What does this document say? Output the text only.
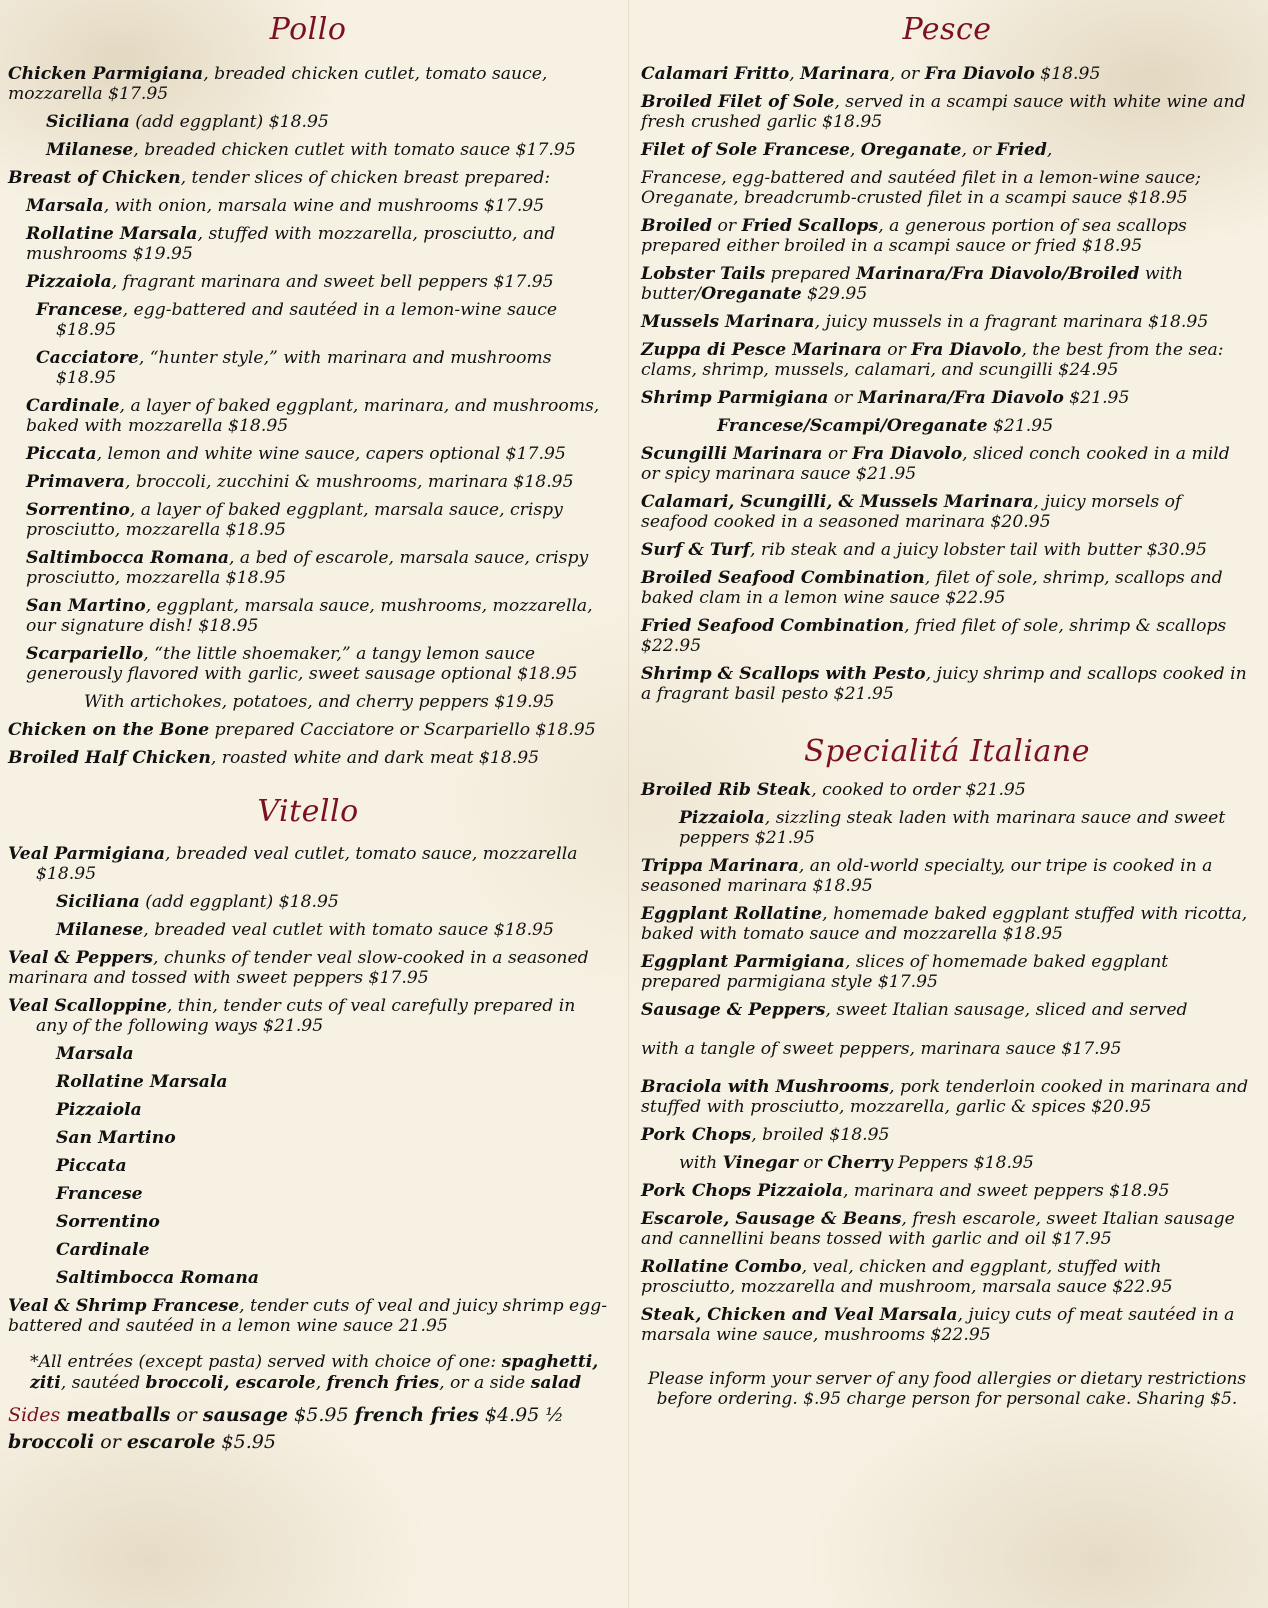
Pollo
Chicken Parmigiana, breaded chicken cutlet, tomato sauce, mozzarella $17.95
Siciliana (add eggplant) $18.95
Milanese, breaded chicken cutlet with tomato sauce $17.95
Breast of Chicken, tender slices of chicken breast prepared:
Marsala, with onion, marsala wine and mushrooms $17.95
Rollatine Marsala, stuffed with mozzarella, prosciutto, and mushrooms $19.95
Pizzaiola, fragrant marinara and sweet bell peppers $17.95
Francese, egg-battered and sautéed in a lemon-wine sauce $18.95
Cacciatore, “hunter style,” with marinara and mushrooms $18.95
Cardinale, a layer of baked eggplant, marinara, and mushrooms, baked with mozzarella $18.95
Piccata, lemon and white wine sauce, capers optional $17.95
Primavera, broccoli, zucchini & mushrooms, marinara $18.95
Sorrentino, a layer of baked eggplant, marsala sauce, crispy prosciutto, mozzarella $18.95
Saltimbocca Romana, a bed of escarole, marsala sauce, crispy prosciutto, mozzarella $18.95
San Martino, eggplant, marsala sauce, mushrooms, mozzarella, our signature dish! $18.95
Scarpariello, “the little shoemaker,” a tangy lemon sauce generously flavored with garlic, sweet sausage optional $18.95
With artichokes, potatoes, and cherry peppers $19.95
Chicken on the Bone prepared Cacciatore or Scarpariello $18.95
Broiled Half Chicken, roasted white and dark meat $18.95
Vitello
Veal Parmigiana, breaded veal cutlet, tomato sauce, mozzarella $18.95
Siciliana (add eggplant) $18.95
Milanese, breaded veal cutlet with tomato sauce $18.95
Veal & Peppers, chunks of tender veal slow-cooked in a seasoned marinara and tossed with sweet peppers $17.95
Veal Scalloppine, thin, tender cuts of veal carefully prepared in any of the following ways $21.95
Marsala
Rollatine Marsala
Pizzaiola
San Martino
Piccata
Francese
Sorrentino
Cardinale
Saltimbocca Romana
Veal & Shrimp Francese, tender cuts of veal and juicy shrimp egg-battered and sautéed in a lemon wine sauce 21.95
*All entrées (except pasta) served with choice of one: spaghetti, ziti, sautéed broccoli, escarole, french fries, or a side salad
Sides meatballs or sausage $5.95 french fries $4.95 ½ broccoli or escarole $5.95
Pesce
Calamari Fritto, Marinara, or Fra Diavolo $18.95
Broiled Filet of Sole, served in a scampi sauce with white wine and fresh crushed garlic $18.95
Filet of Sole Francese, Oreganate, or Fried,
Francese, egg-battered and sautéed filet in a lemon-wine sauce; Oreganate, breadcrumb-crusted filet in a scampi sauce $18.95
Broiled or Fried Scallops, a generous portion of sea scallops prepared either broiled in a scampi sauce or fried $18.95
Lobster Tails prepared Marinara/Fra Diavolo/Broiled with butter/Oreganate $29.95
Mussels Marinara, juicy mussels in a fragrant marinara $18.95
Zuppa di Pesce Marinara or Fra Diavolo, the best from the sea: clams, shrimp, mussels, calamari, and scungilli $24.95
Shrimp Parmigiana or Marinara/Fra Diavolo $21.95
Francese/Scampi/Oreganate $21.95
Scungilli Marinara or Fra Diavolo, sliced conch cooked in a mild or spicy marinara sauce $21.95
Calamari, Scungilli, & Mussels Marinara, juicy morsels of seafood cooked in a seasoned marinara $20.95
Surf & Turf, rib steak and a juicy lobster tail with butter $30.95
Broiled Seafood Combination, filet of sole, shrimp, scallops and baked clam in a lemon wine sauce $22.95
Fried Seafood Combination, fried filet of sole, shrimp & scallops $22.95
Shrimp & Scallops with Pesto, juicy shrimp and scallops cooked in a fragrant basil pesto $21.95
Specialitá Italiane
Broiled Rib Steak, cooked to order $21.95
Pizzaiola, sizzling steak laden with marinara sauce and sweet peppers $21.95
Trippa Marinara, an old-world specialty, our tripe is cooked in a seasoned marinara $18.95
Eggplant Rollatine, homemade baked eggplant stuffed with ricotta, baked with tomato sauce and mozzarella $18.95
Eggplant Parmigiana, slices of homemade baked eggplant prepared parmigiana style $17.95
Sausage & Peppers, sweet Italian sausage, sliced and served
with a tangle of sweet peppers, marinara sauce $17.95
Braciola with Mushrooms, pork tenderloin cooked in marinara and stuffed with prosciutto, mozzarella, garlic & spices $20.95
Pork Chops, broiled $18.95
with Vinegar or Cherry Peppers $18.95
Pork Chops Pizzaiola, marinara and sweet peppers $18.95
Escarole, Sausage & Beans, fresh escarole, sweet Italian sausage and cannellini beans tossed with garlic and oil $17.95
Rollatine Combo, veal, chicken and eggplant, stuffed with prosciutto, mozzarella and mushroom, marsala sauce $22.95
Steak, Chicken and Veal Marsala, juicy cuts of meat sautéed in a marsala wine sauce, mushrooms $22.95
Please inform your server of any food allergies or dietary restrictions before ordering. $.95 charge person for personal cake. Sharing $5.
